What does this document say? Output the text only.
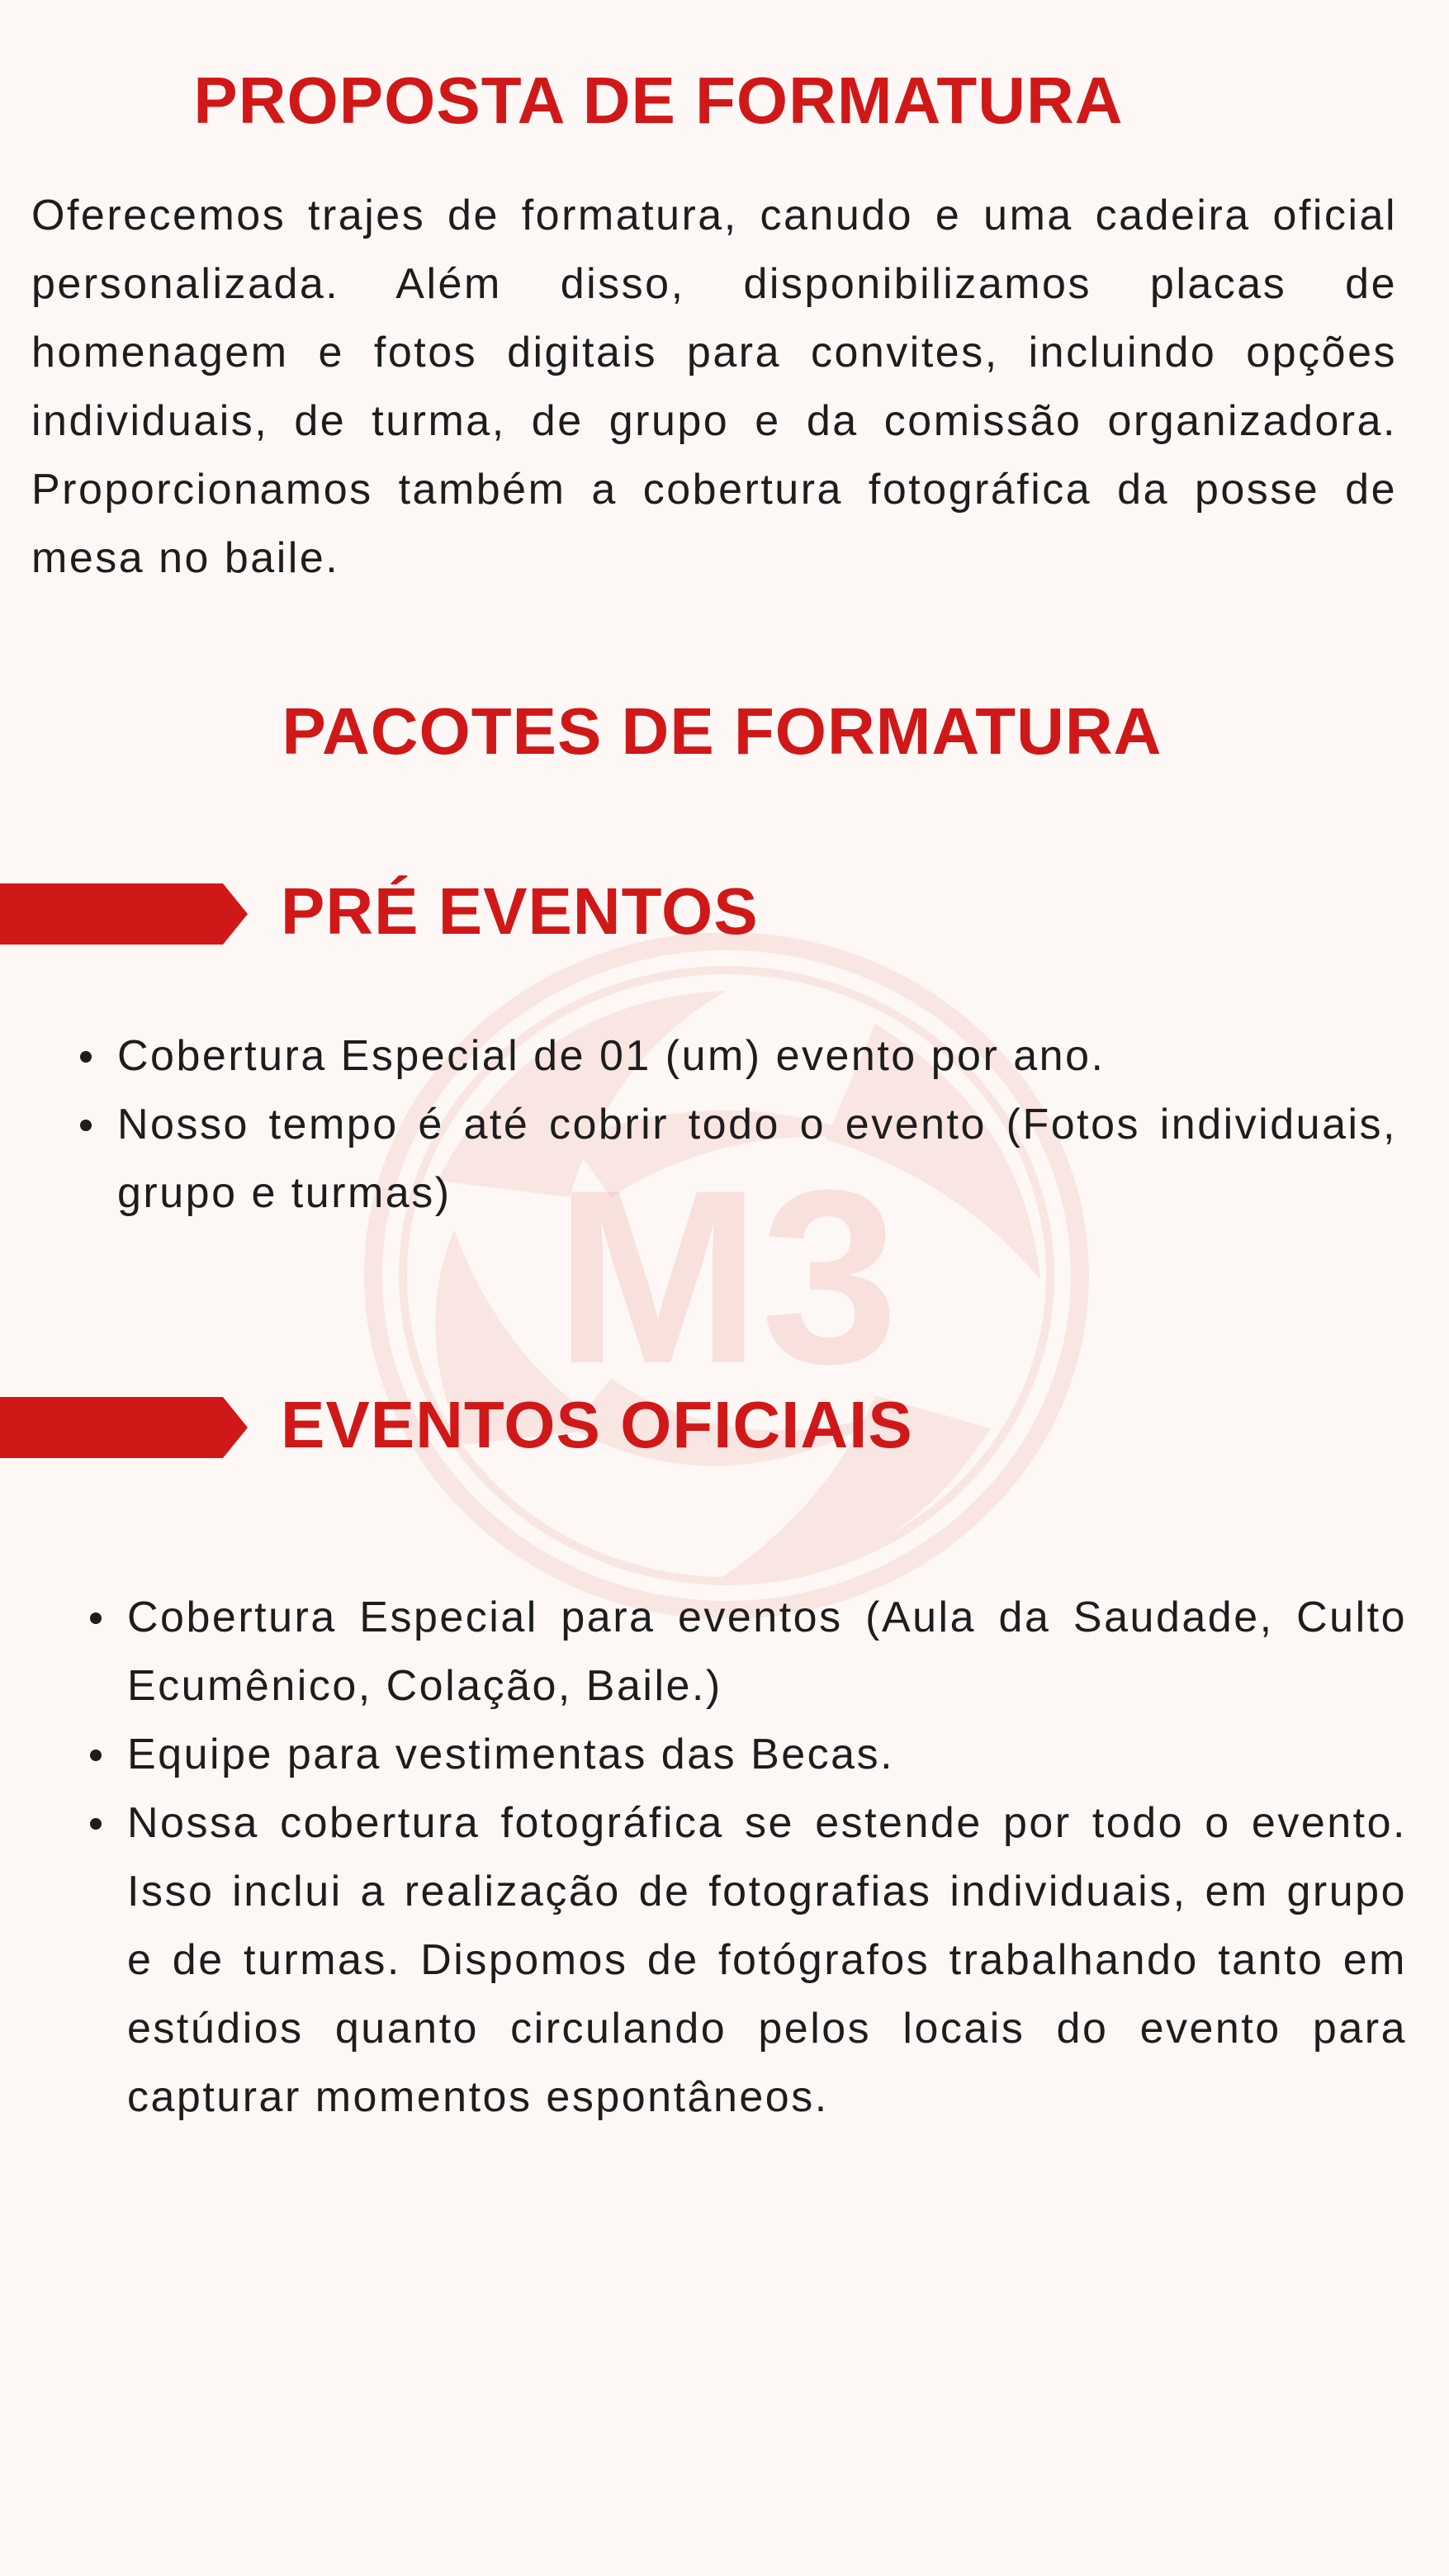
M3
PROPOSTA DE FORMATURA

Oferecemos trajes de formatura, canudo e uma cadeira oficial personalizada. Além disso, disponibilizamos placas de homenagem e fotos digitais para convites, incluindo opções individuais, de turma, de grupo e da comissão organizadora. Proporcionamos também a cobertura fotográfica da posse de mesa no baile.

PACOTES DE FORMATURA
PRÉ EVENTOS
Cobertura Especial de 01 (um) evento por ano.
Nosso tempo é até cobrir todo o evento (Fotos individuais, grupo e turmas)
EVENTOS OFICIAIS
Cobertura Especial para eventos (Aula da Saudade, Culto Ecumênico, Colação, Baile.)
Equipe para vestimentas das Becas.
Nossa cobertura fotográfica se estende por todo o evento. Isso inclui a realização de fotografias individuais, em grupo e de turmas. Dispomos de fotógrafos trabalhando tanto em estúdios quanto circulando pelos locais do evento para capturar momentos espontâneos.
